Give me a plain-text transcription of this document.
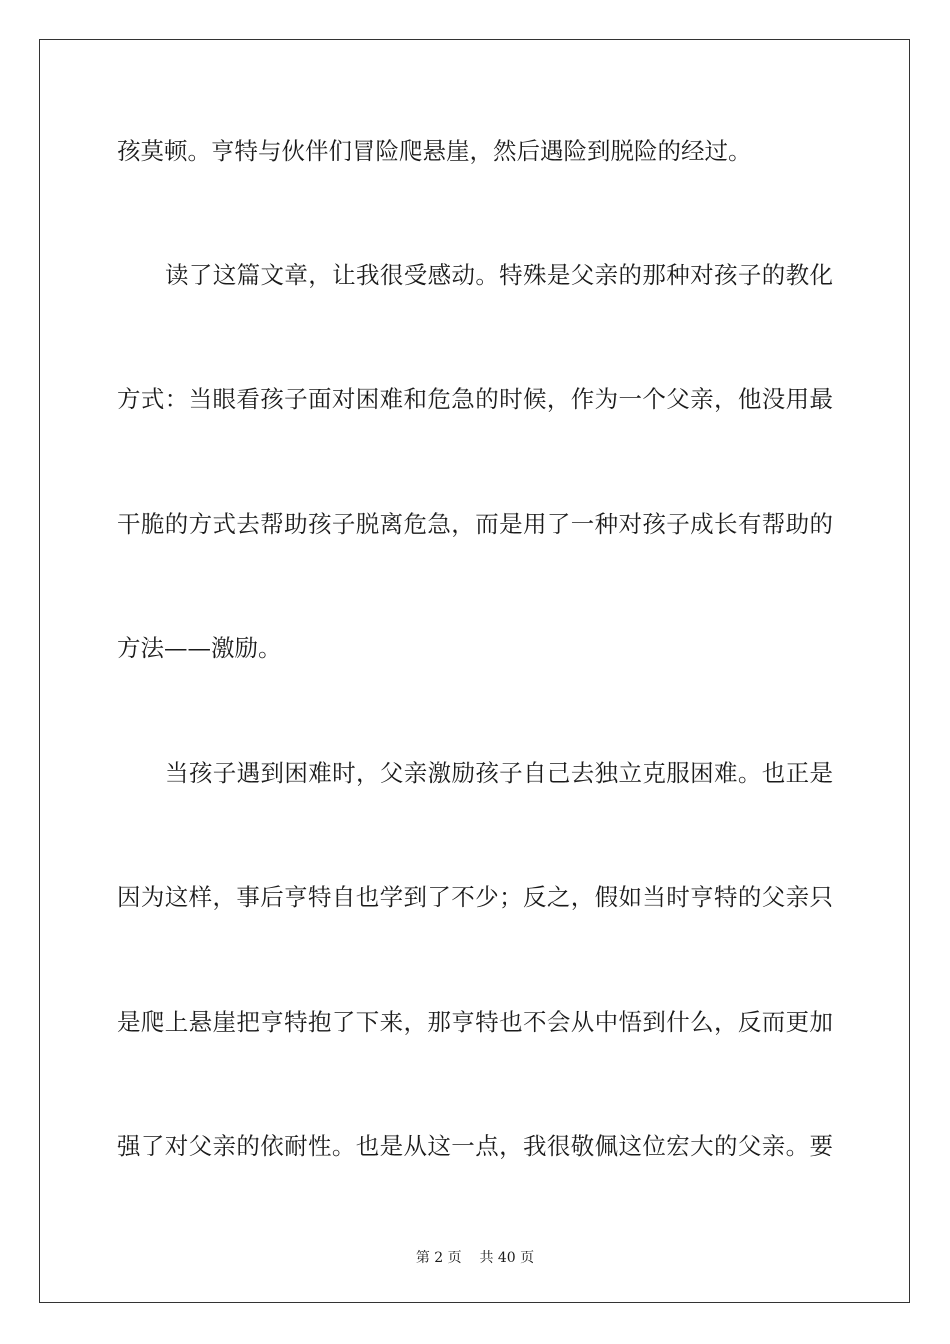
孩莫顿。亨特与伙伴们冒险爬悬崖，然后遇险到脱险的经过。
读了这篇文章，让我很受感动。特殊是父亲的那种对孩子的教化
方式：当眼看孩子面对困难和危急的时候，作为一个父亲，他没用最
干脆的方式去帮助孩子脱离危急，而是用了一种对孩子成长有帮助的
方法——激励。
当孩子遇到困难时，父亲激励孩子自己去独立克服困难。也正是
因为这样，事后亨特自也学到了不少；反之，假如当时亨特的父亲只
是爬上悬崖把亨特抱了下来，那亨特也不会从中悟到什么，反而更加
强了对父亲的依耐性。也是从这一点，我很敬佩这位宏大的父亲。要
第 2 页 共 40 页
